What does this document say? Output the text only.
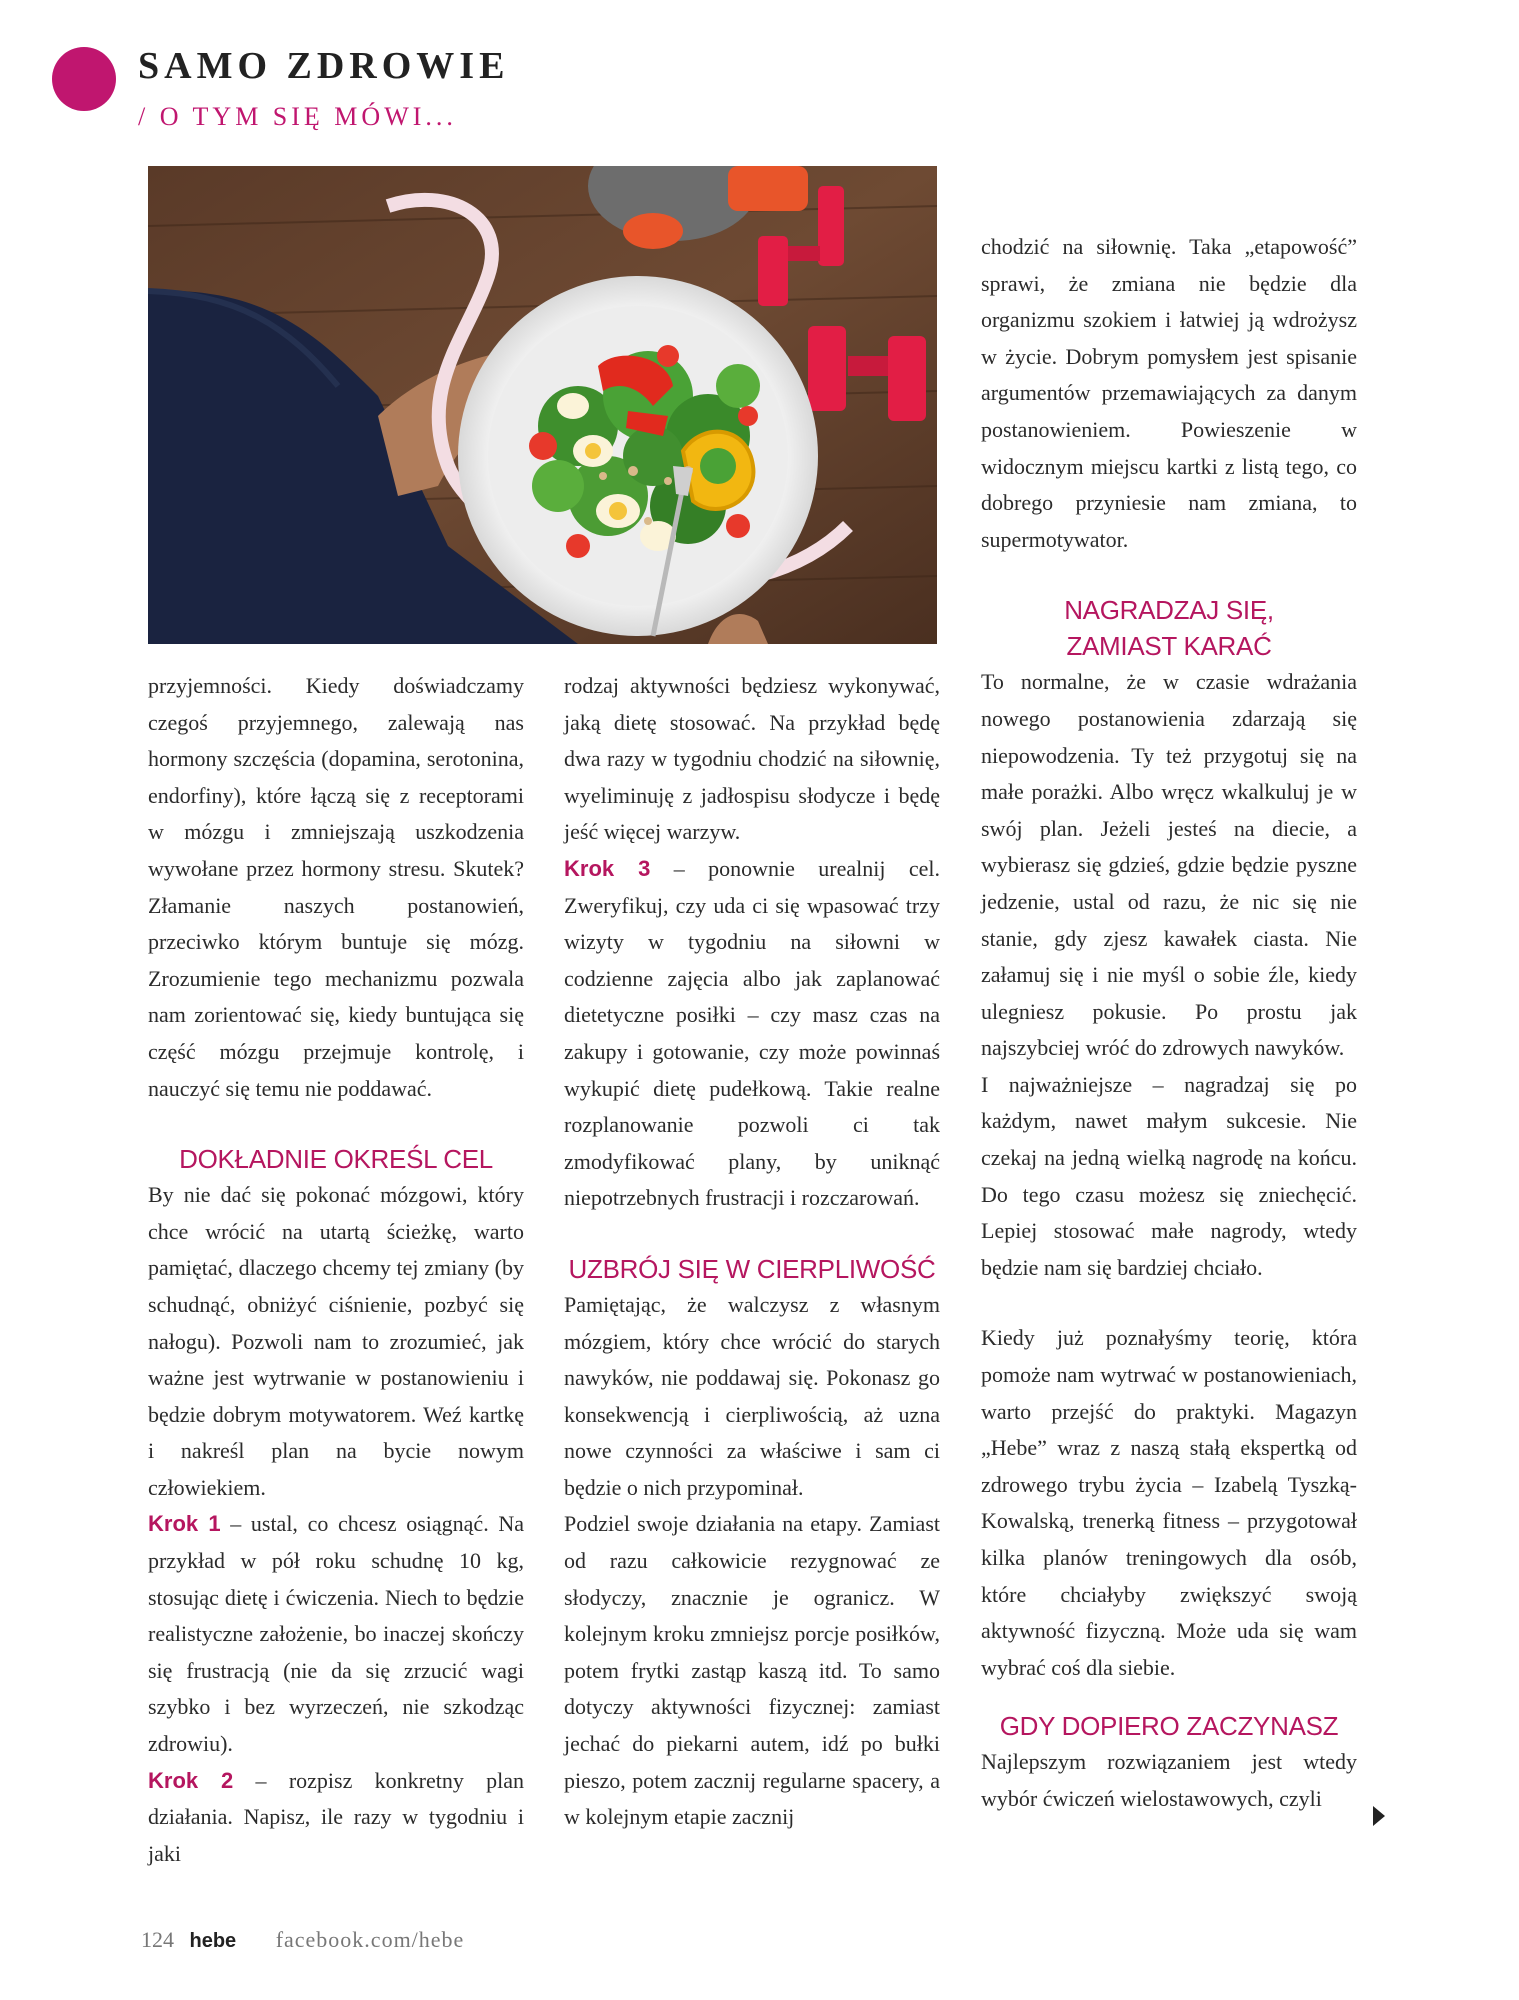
SAMO ZDROWIE
/ O TYM SIĘ MÓWI...

przyjemności. Kiedy doświadczamy czegoś przyjemnego, zalewają nas hormony szczęścia (dopamina, serotonina, endorfiny), które łączą się z receptorami w mózgu i zmniejszają uszkodzenia wywołane przez hormony stresu. Skutek? Złamanie naszych postanowień, przeciwko którym buntuje się mózg. Zrozumienie tego mechanizmu pozwala nam zorientować się, kiedy buntująca się część mózgu przejmuje kontrolę, i nauczyć się temu nie poddawać.

DOKŁADNIE OKREŚL CEL

By nie dać się pokonać mózgowi, który chce wrócić na utartą ścieżkę, warto pamiętać, dlaczego chcemy tej zmiany (by schudnąć, obniżyć ciśnienie, pozbyć się nałogu). Pozwoli nam to zrozumieć, jak ważne jest wytrwanie w postanowieniu i będzie dobrym motywatorem. Weź kartkę i nakreśl plan na bycie nowym człowiekiem.

Krok 1 – ustal, co chcesz osiągnąć. Na przykład w pół roku schudnę 10 kg, stosując dietę i ćwiczenia. Niech to będzie realistyczne założenie, bo inaczej skończy się frustracją (nie da się zrzucić wagi szybko i bez wyrzeczeń, nie szkodząc zdrowiu).

Krok 2 – rozpisz konkretny plan działania. Napisz, ile razy w tygodniu i jaki

rodzaj aktywności będziesz wykonywać, jaką dietę stosować. Na przykład będę dwa razy w tygodniu chodzić na siłownię, wyeliminuję z jadłospisu słodycze i będę jeść więcej warzyw.

Krok 3 – ponownie urealnij cel. Zweryfikuj, czy uda ci się wpasować trzy wizyty w tygodniu na siłowni w codzienne zajęcia albo jak zaplanować dietetyczne posiłki – czy masz czas na zakupy i gotowanie, czy może powinnaś wykupić dietę pudełkową. Takie realne rozplanowanie pozwoli ci tak zmodyfikować plany, by uniknąć niepotrzebnych frustracji i rozczarowań.

UZBRÓJ SIĘ W CIERPLIWOŚĆ

Pamiętając, że walczysz z własnym mózgiem, który chce wrócić do starych nawyków, nie poddawaj się. Pokonasz go konsekwencją i cierpliwością, aż uzna nowe czynności za właściwe i sam ci będzie o nich przypominał.

Podziel swoje działania na etapy. Zamiast od razu całkowicie rezygnować ze słodyczy, znacznie je ogranicz. W kolejnym kroku zmniejsz porcje posiłków, potem frytki zastąp kaszą itd. To samo dotyczy aktywności fizycznej: zamiast jechać do piekarni autem, idź po bułki pieszo, potem zacznij regularne spacery, a w kolejnym etapie zacznij

chodzić na siłownię. Taka „etapowość” sprawi, że zmiana nie będzie dla organizmu szokiem i łatwiej ją wdrożysz w życie. Dobrym pomysłem jest spisanie argumentów przemawiających za danym postanowieniem. Powieszenie w widocznym miejscu kartki z listą tego, co dobrego przyniesie nam zmiana, to supermotywator.

NAGRADZAJ SIĘ,
ZAMIAST KARAĆ

To normalne, że w czasie wdrażania nowego postanowienia zdarzają się niepowodzenia. Ty też przygotuj się na małe porażki. Albo wręcz wkalkuluj je w swój plan. Jeżeli jesteś na diecie, a wybierasz się gdzieś, gdzie będzie pyszne jedzenie, ustal od razu, że nic się nie stanie, gdy zjesz kawałek ciasta. Nie załamuj się i nie myśl o sobie źle, kiedy ulegniesz pokusie. Po prostu jak najszybciej wróć do zdrowych nawyków.

I najważniejsze – nagradzaj się po każdym, nawet małym sukcesie. Nie czekaj na jedną wielką nagrodę na końcu. Do tego czasu możesz się zniechęcić. Lepiej stosować małe nagrody, wtedy będzie nam się bardziej chciało.

Kiedy już poznałyśmy teorię, która pomoże nam wytrwać w postanowieniach, warto przejść do praktyki. Magazyn „Hebe” wraz z naszą stałą ekspertką od zdrowego trybu życia – Izabelą Tyszką-Kowalską, trenerką fitness – przygotował kilka planów treningowych dla osób, które chciałyby zwiększyć swoją aktywność fizyczną. Może uda się wam wybrać coś dla siebie.

GDY DOPIERO ZACZYNASZ

Najlepszym rozwiązaniem jest wtedy wybór ćwiczeń wielostawowych, czyli

124 hebe facebook.com/hebe
